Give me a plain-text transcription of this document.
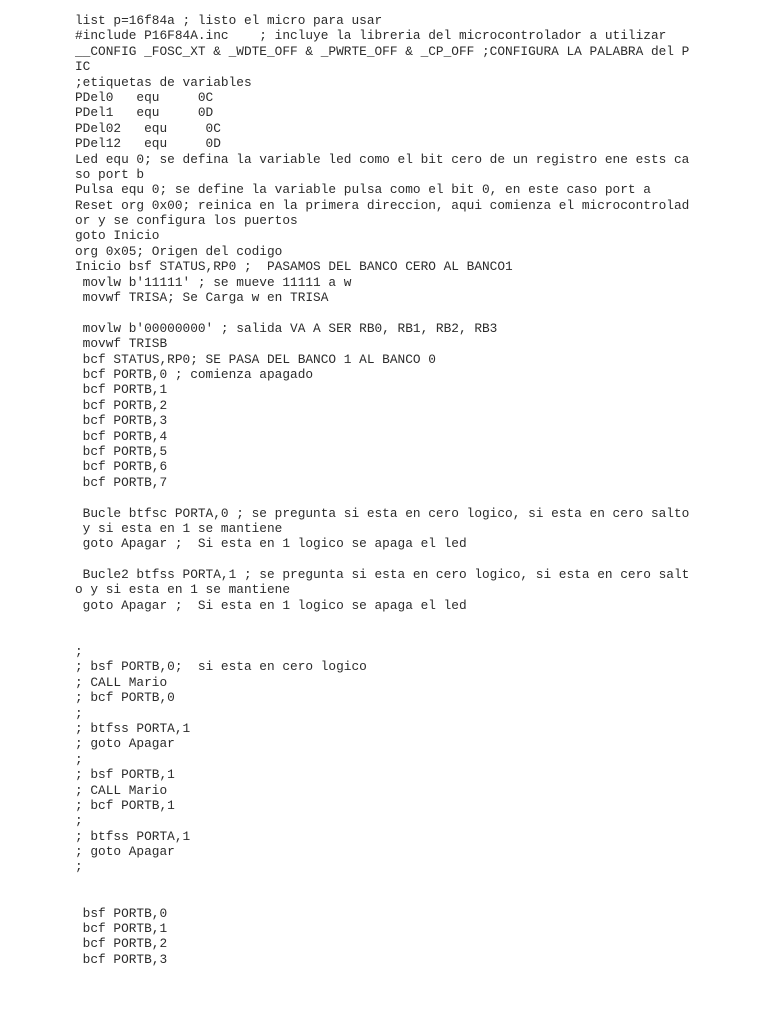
list p=16f84a ; listo el micro para usar
#include P16F84A.inc    ; incluye la libreria del microcontrolador a utilizar
__CONFIG _FOSC_XT & _WDTE_OFF & _PWRTE_OFF & _CP_OFF ;CONFIGURA LA PALABRA del P
IC
;etiquetas de variables
PDel0   equ     0C
PDel1   equ     0D
PDel02   equ     0C
PDel12   equ     0D
Led equ 0; se defina la variable led como el bit cero de un registro ene ests ca
so port b
Pulsa equ 0; se define la variable pulsa como el bit 0, en este caso port a
Reset org 0x00; reinica en la primera direccion, aqui comienza el microcontrolad
or y se configura los puertos
goto Inicio
org 0x05; Origen del codigo
Inicio bsf STATUS,RP0 ;  PASAMOS DEL BANCO CERO AL BANCO1
movlw b'11111' ; se mueve 11111 a w
movwf TRISA; Se Carga w en TRISA
movlw b'00000000' ; salida VA A SER RB0, RB1, RB2, RB3
movwf TRISB
bcf STATUS,RP0; SE PASA DEL BANCO 1 AL BANCO 0
bcf PORTB,0 ; comienza apagado
bcf PORTB,1
bcf PORTB,2
bcf PORTB,3
bcf PORTB,4
bcf PORTB,5
bcf PORTB,6
bcf PORTB,7
Bucle btfsc PORTA,0 ; se pregunta si esta en cero logico, si esta en cero salto
y si esta en 1 se mantiene
goto Apagar ;  Si esta en 1 logico se apaga el led
Bucle2 btfss PORTA,1 ; se pregunta si esta en cero logico, si esta en cero salt
o y si esta en 1 se mantiene
goto Apagar ;  Si esta en 1 logico se apaga el led
;
; bsf PORTB,0;  si esta en cero logico
; CALL Mario
; bcf PORTB,0
;
; btfss PORTA,1
; goto Apagar
;
; bsf PORTB,1
; CALL Mario
; bcf PORTB,1
;
; btfss PORTA,1
; goto Apagar
;
bsf PORTB,0
bcf PORTB,1
bcf PORTB,2
bcf PORTB,3
